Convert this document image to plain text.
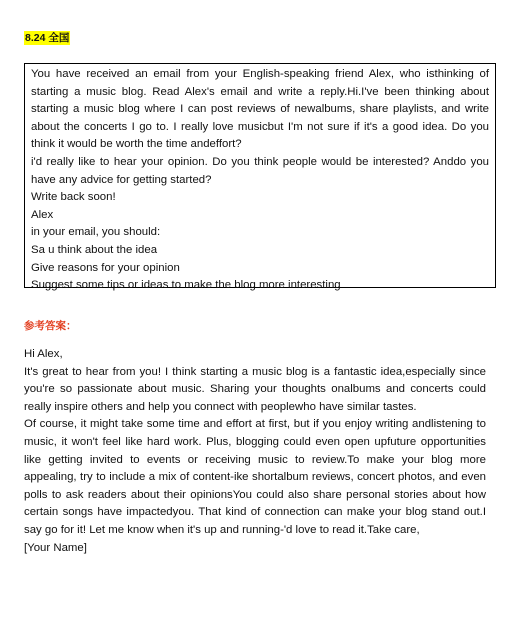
8.24 全国
You have received an email from your English-speaking friend Alex, who isthinking of starting a music blog. Read Alex's email and write a reply.Hi.I've been thinking about starting a music blog where I can post reviews of newalbums, share playlists, and write about the concerts I go to. I really love musicbut I'm not sure if it's a good idea. Do you think it would be worth the time andeffort?
i'd really like to hear your opinion. Do you think people would be interested? Anddo you have any advice for getting started?
Write back soon!
Alex
in your email, you should:
Sa u think about the idea
Give reasons for your opinion
Suggest some tips or ideas to make the blog more interesting
参考答案：

Hi Alex,

It's great to hear from you! I think starting a music blog is a fantastic idea,especially since you're so passionate about music. Sharing your thoughts onalbums and concerts could really inspire others and help you connect with peoplewho have similar tastes.

Of course, it might take some time and effort at first, but if you enjoy writing andlistening to music, it won't feel like hard work. Plus, blogging could even open upfuture opportunities like getting invited to events or receiving music to review.To make your blog more appealing, try to include a mix of content-ike shortalbum reviews, concert photos, and even polls to ask readers about their opinionsYou could also share personal stories about how certain songs have impactedyou. That kind of connection can make your blog stand out.I say go for it! Let me know when it's up and running-'d love to read it.Take care,

[Your Name]
